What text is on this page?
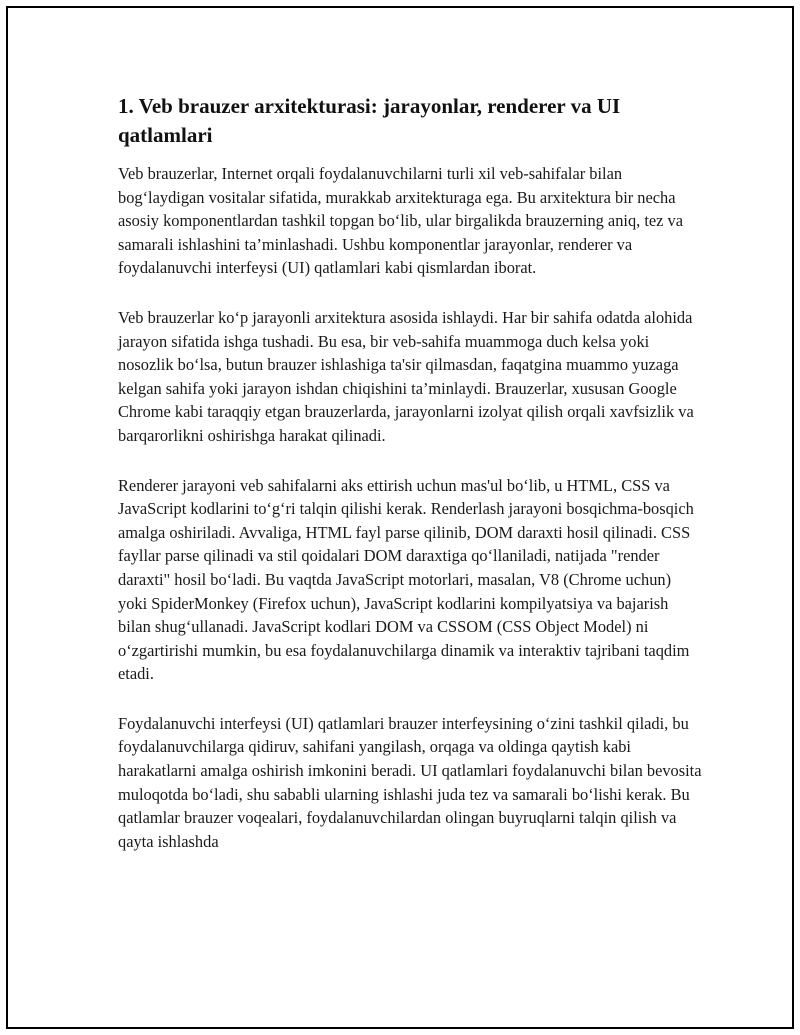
1. Veb brauzer arxitekturasi: jarayonlar, renderer va UI qatlamlari

Veb brauzerlar, Internet orqali foydalanuvchilarni turli xil veb-sahifalar bilan bog‘laydigan vositalar sifatida, murakkab arxitekturaga ega. Bu arxitektura bir necha asosiy komponentlardan tashkil topgan bo‘lib, ular birgalikda brauzerning aniq, tez va samarali ishlashini ta’minlashadi. Ushbu komponentlar jarayonlar, renderer va foydalanuvchi interfeysi (UI) qatlamlari kabi qismlardan iborat.

Veb brauzerlar ko‘p jarayonli arxitektura asosida ishlaydi. Har bir sahifa odatda alohida jarayon sifatida ishga tushadi. Bu esa, bir veb-sahifa muammoga duch kelsa yoki nosozlik bo‘lsa, butun brauzer ishlashiga ta'sir qilmasdan, faqatgina muammo yuzaga kelgan sahifa yoki jarayon ishdan chiqishini ta’minlaydi. Brauzerlar, xususan Google Chrome kabi taraqqiy etgan brauzerlarda, jarayonlarni izolyat qilish orqali xavfsizlik va barqarorlikni oshirishga harakat qilinadi.

Renderer jarayoni veb sahifalarni aks ettirish uchun mas'ul bo‘lib, u HTML, CSS va JavaScript kodlarini to‘g‘ri talqin qilishi kerak. Renderlash jarayoni bosqichma-bosqich amalga oshiriladi. Avvaliga, HTML fayl parse qilinib, DOM daraxti hosil qilinadi. CSS fayllar parse qilinadi va stil qoidalari DOM daraxtiga qo‘llaniladi, natijada "render daraxti" hosil bo‘ladi. Bu vaqtda JavaScript motorlari, masalan, V8 (Chrome uchun) yoki SpiderMonkey (Firefox uchun), JavaScript kodlarini kompilyatsiya va bajarish bilan shug‘ullanadi. JavaScript kodlari DOM va CSSOM (CSS Object Model) ni o‘zgartirishi mumkin, bu esa foydalanuvchilarga dinamik va interaktiv tajribani taqdim etadi.

Foydalanuvchi interfeysi (UI) qatlamlari brauzer interfeysining o‘zini tashkil qiladi, bu foydalanuvchilarga qidiruv, sahifani yangilash, orqaga va oldinga qaytish kabi harakatlarni amalga oshirish imkonini beradi. UI qatlamlari foydalanuvchi bilan bevosita muloqotda bo‘ladi, shu sababli ularning ishlashi juda tez va samarali bo‘lishi kerak. Bu qatlamlar brauzer voqealari, foydalanuvchilardan olingan buyruqlarni talqin qilish va qayta ishlashda
